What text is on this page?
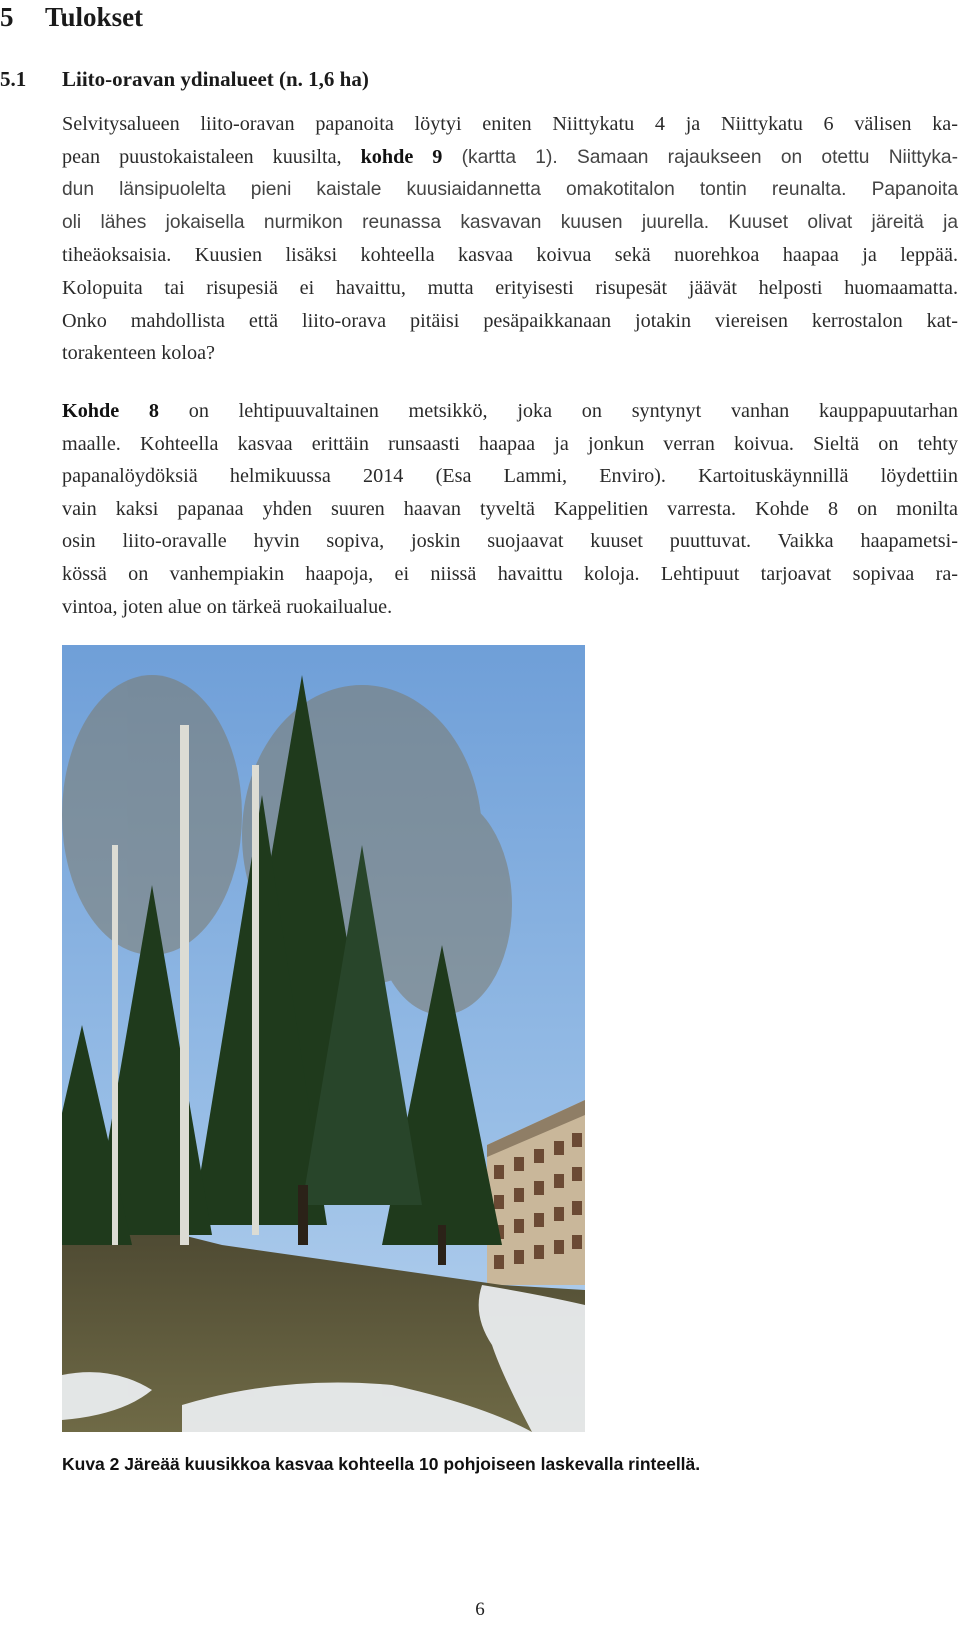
5 Tulokset
5.1 Liito-oravan ydinalueet (n. 1,6 ha)
Selvitysalueen liito-oravan papanoita löytyi eniten Niittykatu 4 ja Niittykatu 6 välisen ka-
pean puustokaistaleen kuusilta, kohde 9 (kartta 1). Samaan rajaukseen on otettu Niittyka-
dun länsipuolelta pieni kaistale kuusiaidannetta omakotitalon tontin reunalta. Papanoita
oli lähes jokaisella nurmikon reunassa kasvavan kuusen juurella. Kuuset olivat järeitä ja
tiheäoksaisia. Kuusien lisäksi kohteella kasvaa koivua sekä nuorehkoa haapaa ja leppää.
Kolopuita tai risupesiä ei havaittu, mutta erityisesti risupesät jäävät helposti huomaamatta.
Onko mahdollista että liito-orava pitäisi pesäpaikkanaan jotakin viereisen kerrostalon kat-
torakenteen koloa?
Kohde 8 on lehtipuuvaltainen metsikkö, joka on syntynyt vanhan kauppapuutarhan
maalle. Kohteella kasvaa erittäin runsaasti haapaa ja jonkun verran koivua. Sieltä on tehty
papanalöydöksiä helmikuussa 2014 (Esa Lammi, Enviro). Kartoituskäynnillä löydettiin
vain kaksi papanaa yhden suuren haavan tyveltä Kappelitien varresta. Kohde 8 on monilta
osin liito-oravalle hyvin sopiva, joskin suojaavat kuuset puuttuvat. Vaikka haapametsi-
kössä on vanhempiakin haapoja, ei niissä havaittu koloja. Lehtipuut tarjoavat sopivaa ra-
vintoa, joten alue on tärkeä ruokailualue.

Kuva 2 Järeää kuusikkoa kasvaa kohteella 10 pohjoiseen laskevalla rinteellä.

6
